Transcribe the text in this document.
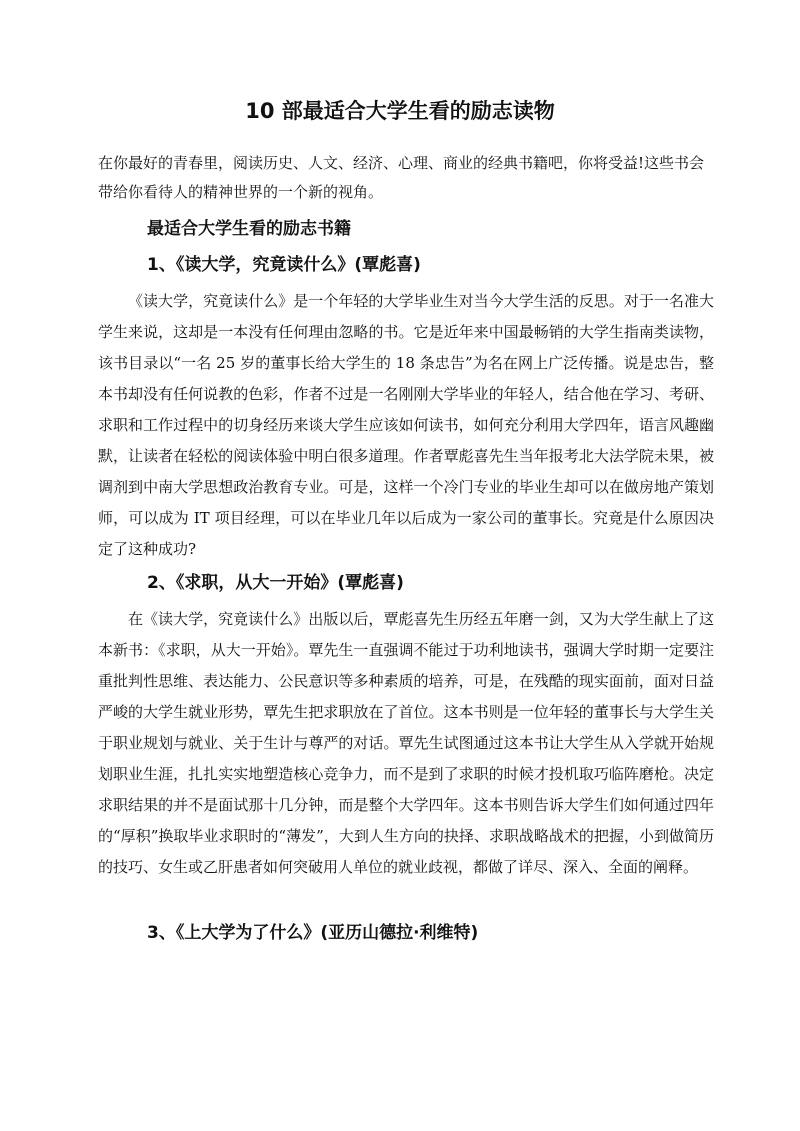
10 部最适合大学生看的励志读物

在你最好的青春里，阅读历史、人文、经济、心理、商业的经典书籍吧，你将受益!这些书会带给你看待人的精神世界的一个新的视角。

最适合大学生看的励志书籍
1、《读大学，究竟读什么》(覃彪喜)

《读大学，究竟读什么》是一个年轻的大学毕业生对当今大学生活的反思。对于一名准大学生来说，这却是一本没有任何理由忽略的书。它是近年来中国最畅销的大学生指南类读物，该书目录以“一名 25 岁的董事长给大学生的 18 条忠告”为名在网上广泛传播。说是忠告，整本书却没有任何说教的色彩，作者不过是一名刚刚大学毕业的年轻人，结合他在学习、考研、求职和工作过程中的切身经历来谈大学生应该如何读书，如何充分利用大学四年，语言风趣幽默，让读者在轻松的阅读体验中明白很多道理。作者覃彪喜先生当年报考北大法学院未果，被调剂到中南大学思想政治教育专业。可是，这样一个冷门专业的毕业生却可以在做房地产策划师，可以成为 IT 项目经理，可以在毕业几年以后成为一家公司的董事长。究竟是什么原因决定了这种成功?

2、《求职，从大一开始》(覃彪喜)

在《读大学，究竟读什么》出版以后，覃彪喜先生历经五年磨一剑，又为大学生献上了这本新书：《求职，从大一开始》。覃先生一直强调不能过于功利地读书，强调大学时期一定要注重批判性思维、表达能力、公民意识等多种素质的培养，可是，在残酷的现实面前，面对日益严峻的大学生就业形势，覃先生把求职放在了首位。这本书则是一位年轻的董事长与大学生关于职业规划与就业、关于生计与尊严的对话。覃先生试图通过这本书让大学生从入学就开始规划职业生涯，扎扎实实地塑造核心竞争力，而不是到了求职的时候才投机取巧临阵磨枪。决定求职结果的并不是面试那十几分钟，而是整个大学四年。这本书则告诉大学生们如何通过四年的“厚积”换取毕业求职时的“薄发”，大到人生方向的抉择、求职战略战术的把握，小到做简历的技巧、女生或乙肝患者如何突破用人单位的就业歧视，都做了详尽、深入、全面的阐释。

3、《上大学为了什么》(亚历山德拉·利维特)
